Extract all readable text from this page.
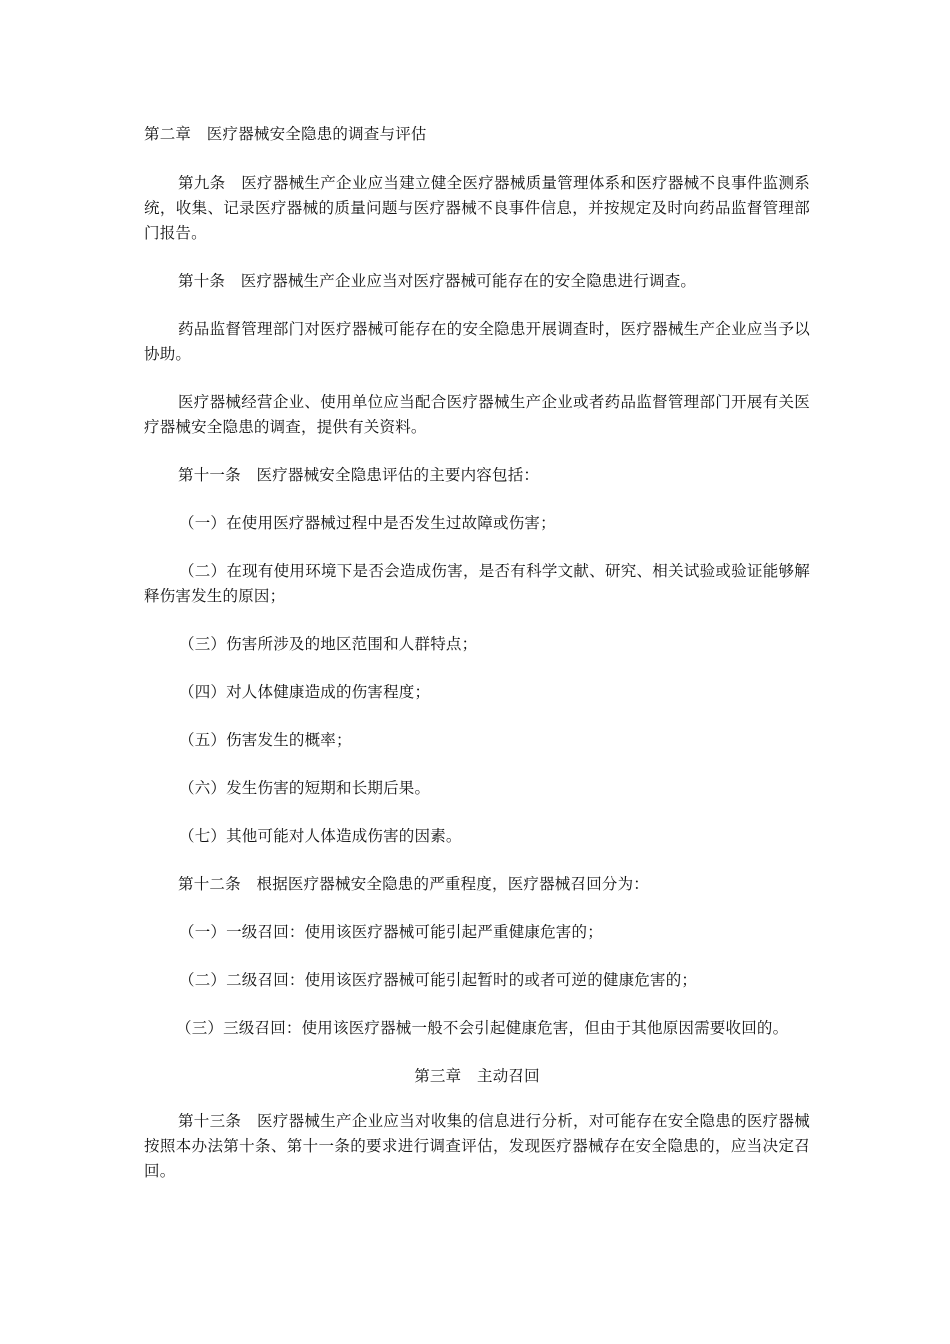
第二章　医疗器械安全隐患的调查与评估

第九条　医疗器械生产企业应当建立健全医疗器械质量管理体系和医疗器械不良事件监测系统，收集、记录医疗器械的质量问题与医疗器械不良事件信息，并按规定及时向药品监督管理部门报告。

第十条　医疗器械生产企业应当对医疗器械可能存在的安全隐患进行调查。

药品监督管理部门对医疗器械可能存在的安全隐患开展调查时，医疗器械生产企业应当予以协助。

医疗器械经营企业、使用单位应当配合医疗器械生产企业或者药品监督管理部门开展有关医疗器械安全隐患的调查，提供有关资料。

第十一条　医疗器械安全隐患评估的主要内容包括：

（一）在使用医疗器械过程中是否发生过故障或伤害；

（二）在现有使用环境下是否会造成伤害，是否有科学文献、研究、相关试验或验证能够解释伤害发生的原因；

（三）伤害所涉及的地区范围和人群特点；

（四）对人体健康造成的伤害程度；

（五）伤害发生的概率；

（六）发生伤害的短期和长期后果。

（七）其他可能对人体造成伤害的因素。

第十二条　根据医疗器械安全隐患的严重程度，医疗器械召回分为：

（一）一级召回：使用该医疗器械可能引起严重健康危害的；

（二）二级召回：使用该医疗器械可能引起暂时的或者可逆的健康危害的；

（三）三级召回：使用该医疗器械一般不会引起健康危害，但由于其他原因需要收回的。

第三章　主动召回

第十三条　医疗器械生产企业应当对收集的信息进行分析，对可能存在安全隐患的医疗器械按照本办法第十条、第十一条的要求进行调查评估，发现医疗器械存在安全隐患的，应当决定召回。
